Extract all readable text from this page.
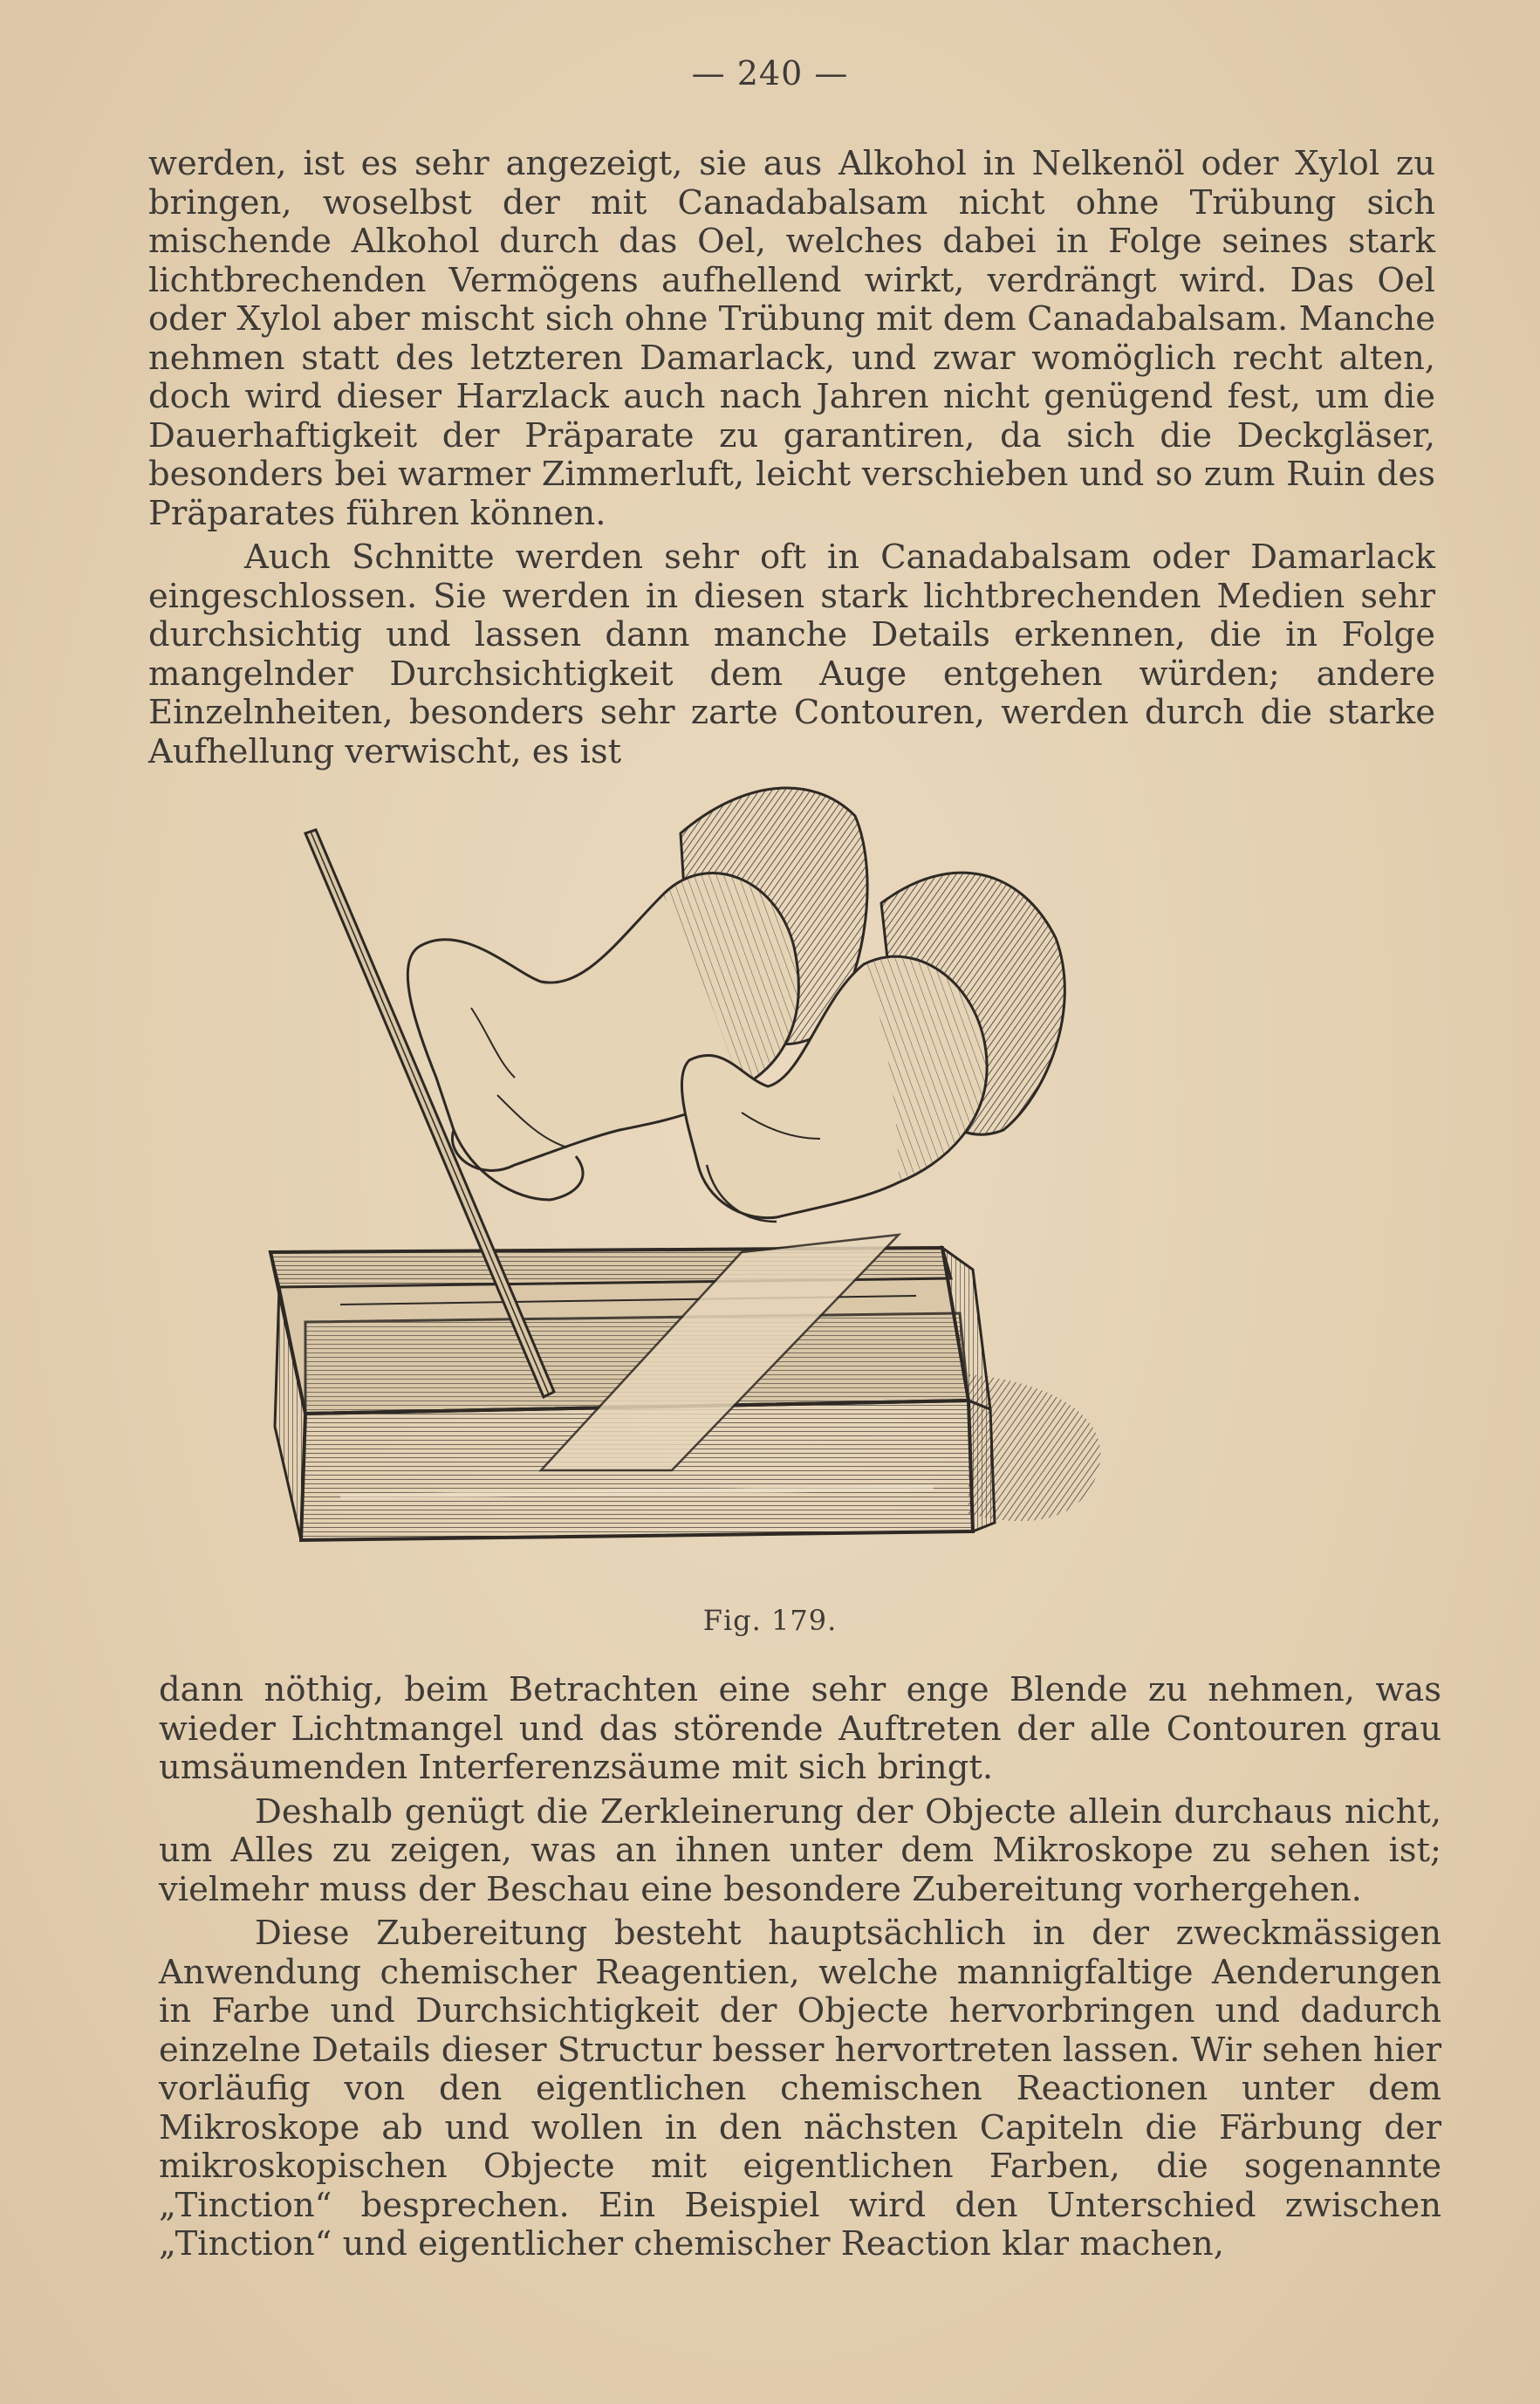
— 240 —

werden, ist es sehr angezeigt, sie aus Alkohol in Nelkenöl oder Xylol zu bringen, woselbst der mit Canadabalsam nicht ohne Trübung sich mischende Alkohol durch das Oel, welches dabei in Folge seines stark lichtbrechenden Vermögens aufhellend wirkt, verdrängt wird. Das Oel oder Xylol aber mischt sich ohne Trübung mit dem Canadabalsam. Manche nehmen statt des letzteren Damarlack, und zwar womöglich recht alten, doch wird dieser Harzlack auch nach Jahren nicht genügend fest, um die Dauerhaftigkeit der Präparate zu garantiren, da sich die Deckgläser, besonders bei warmer Zimmerluft, leicht verschieben und so zum Ruin des Präparates führen können.

Auch Schnitte werden sehr oft in Canadabalsam oder Damarlack eingeschlossen. Sie werden in diesen stark lichtbrechenden Medien sehr durchsichtig und lassen dann manche Details erkennen, die in Folge mangelnder Durchsichtigkeit dem Auge entgehen würden; andere Einzelnheiten, besonders sehr zarte Contouren, werden durch die starke Aufhellung verwischt, es ist

Fig. 179.

dann nöthig, beim Betrachten eine sehr enge Blende zu nehmen, was wieder Lichtmangel und das störende Auftreten der alle Contouren grau umsäumenden Interferenzsäume mit sich bringt.

Deshalb genügt die Zerkleinerung der Objecte allein durchaus nicht, um Alles zu zeigen, was an ihnen unter dem Mikroskope zu sehen ist; vielmehr muss der Beschau eine besondere Zubereitung vorhergehen.

Diese Zubereitung besteht hauptsächlich in der zweckmässigen Anwendung chemischer Reagentien, welche mannigfaltige Aenderungen in Farbe und Durchsichtigkeit der Objecte hervorbringen und dadurch einzelne Details dieser Structur besser hervortreten lassen. Wir sehen hier vorläufig von den eigentlichen chemischen Reactionen unter dem Mikroskope ab und wollen in den nächsten Capiteln die Färbung der mikroskopischen Objecte mit eigentlichen Farben, die sogenannte „Tinction“ besprechen. Ein Beispiel wird den Unterschied zwischen „Tinction“ und eigentlicher chemischer Reaction klar machen,
